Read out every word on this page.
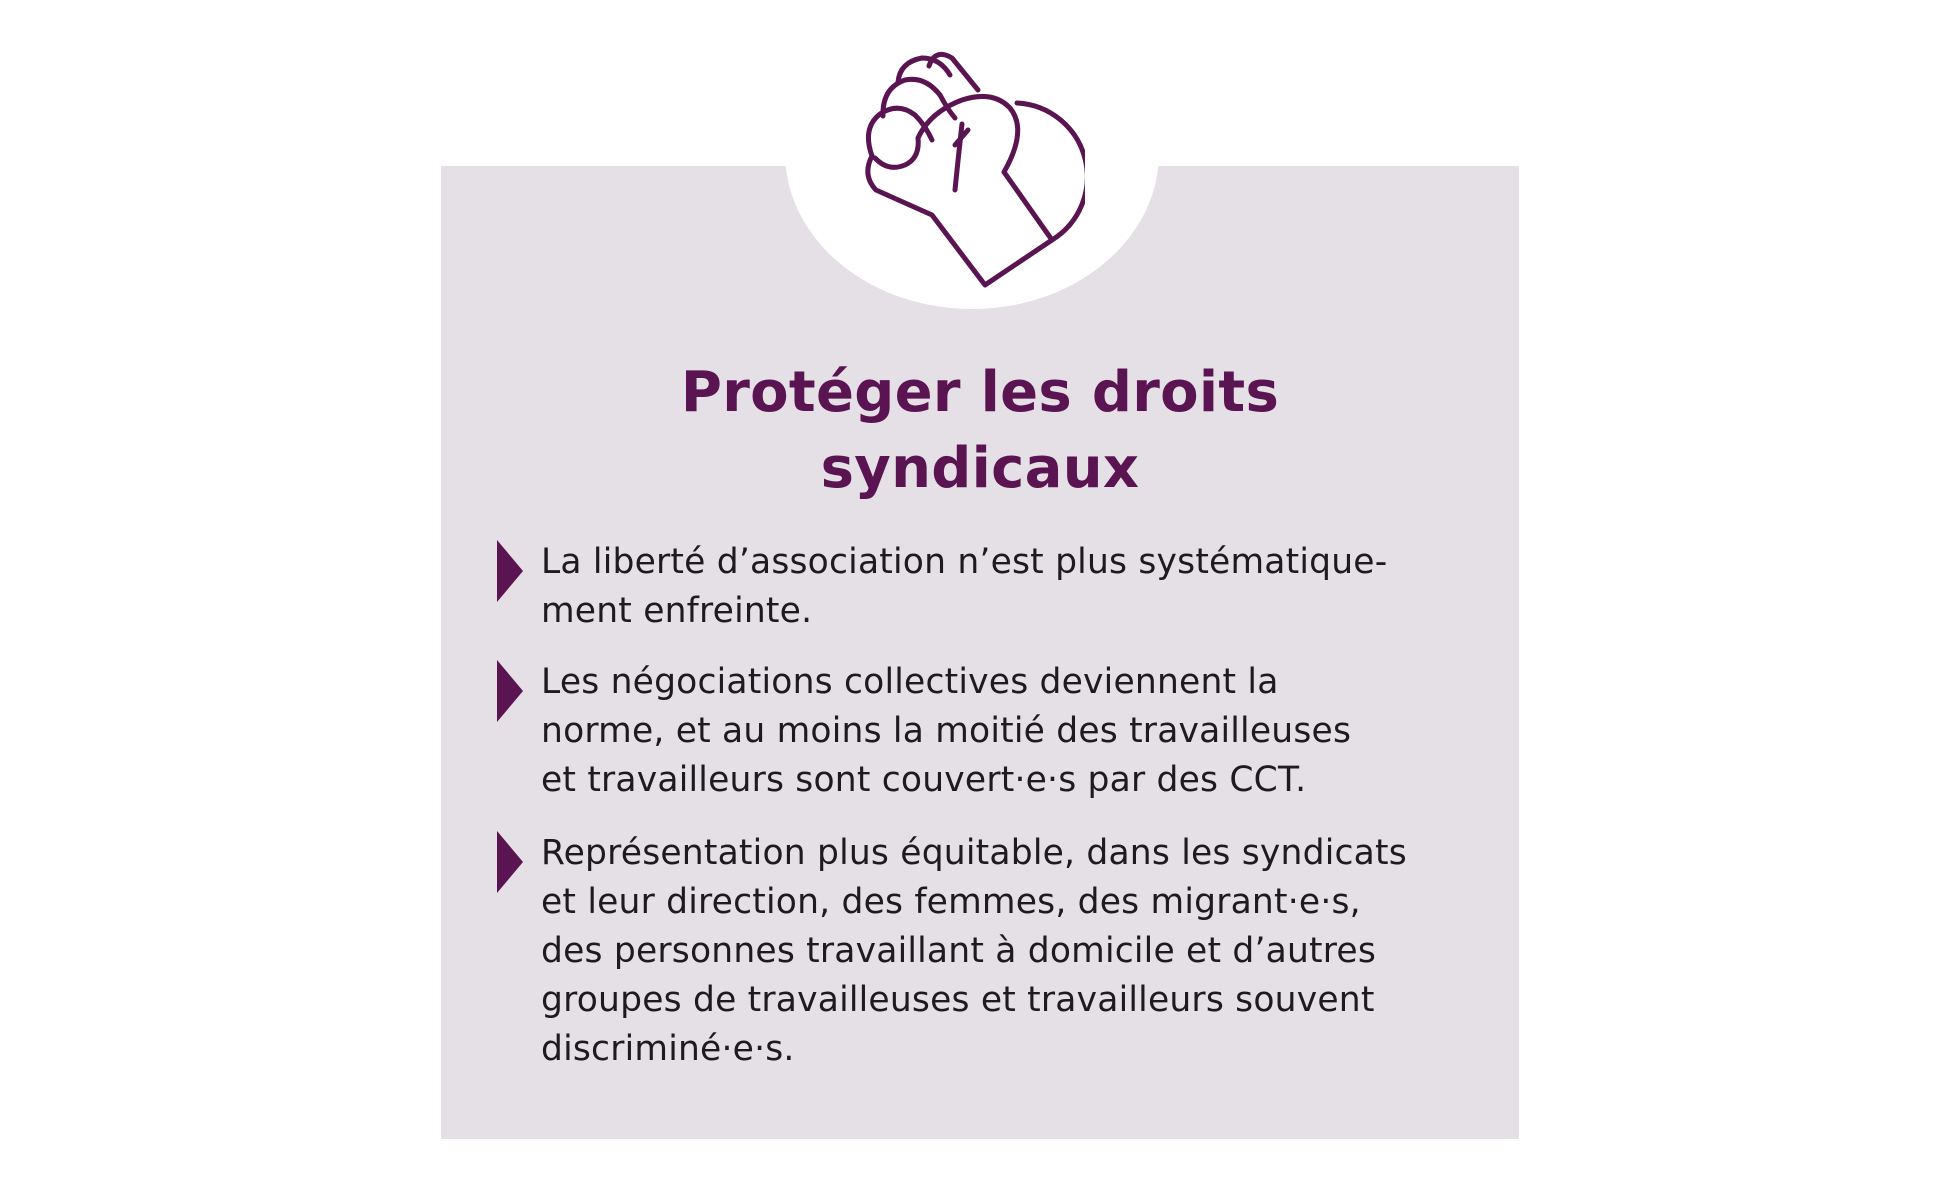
Protéger les droits
syndicaux
La liberté d’association n’est plus systématique-
ment enfreinte.
Les négociations collectives deviennent la
norme, et au moins la moitié des travailleuses
et travailleurs sont couvert·e·s par des CCT.
Représentation plus équitable, dans les syndicats
et leur direction, des femmes, des migrant·e·s,
des personnes travaillant à domicile et d’autres
groupes de travailleuses et travailleurs souvent
discriminé·e·s.
